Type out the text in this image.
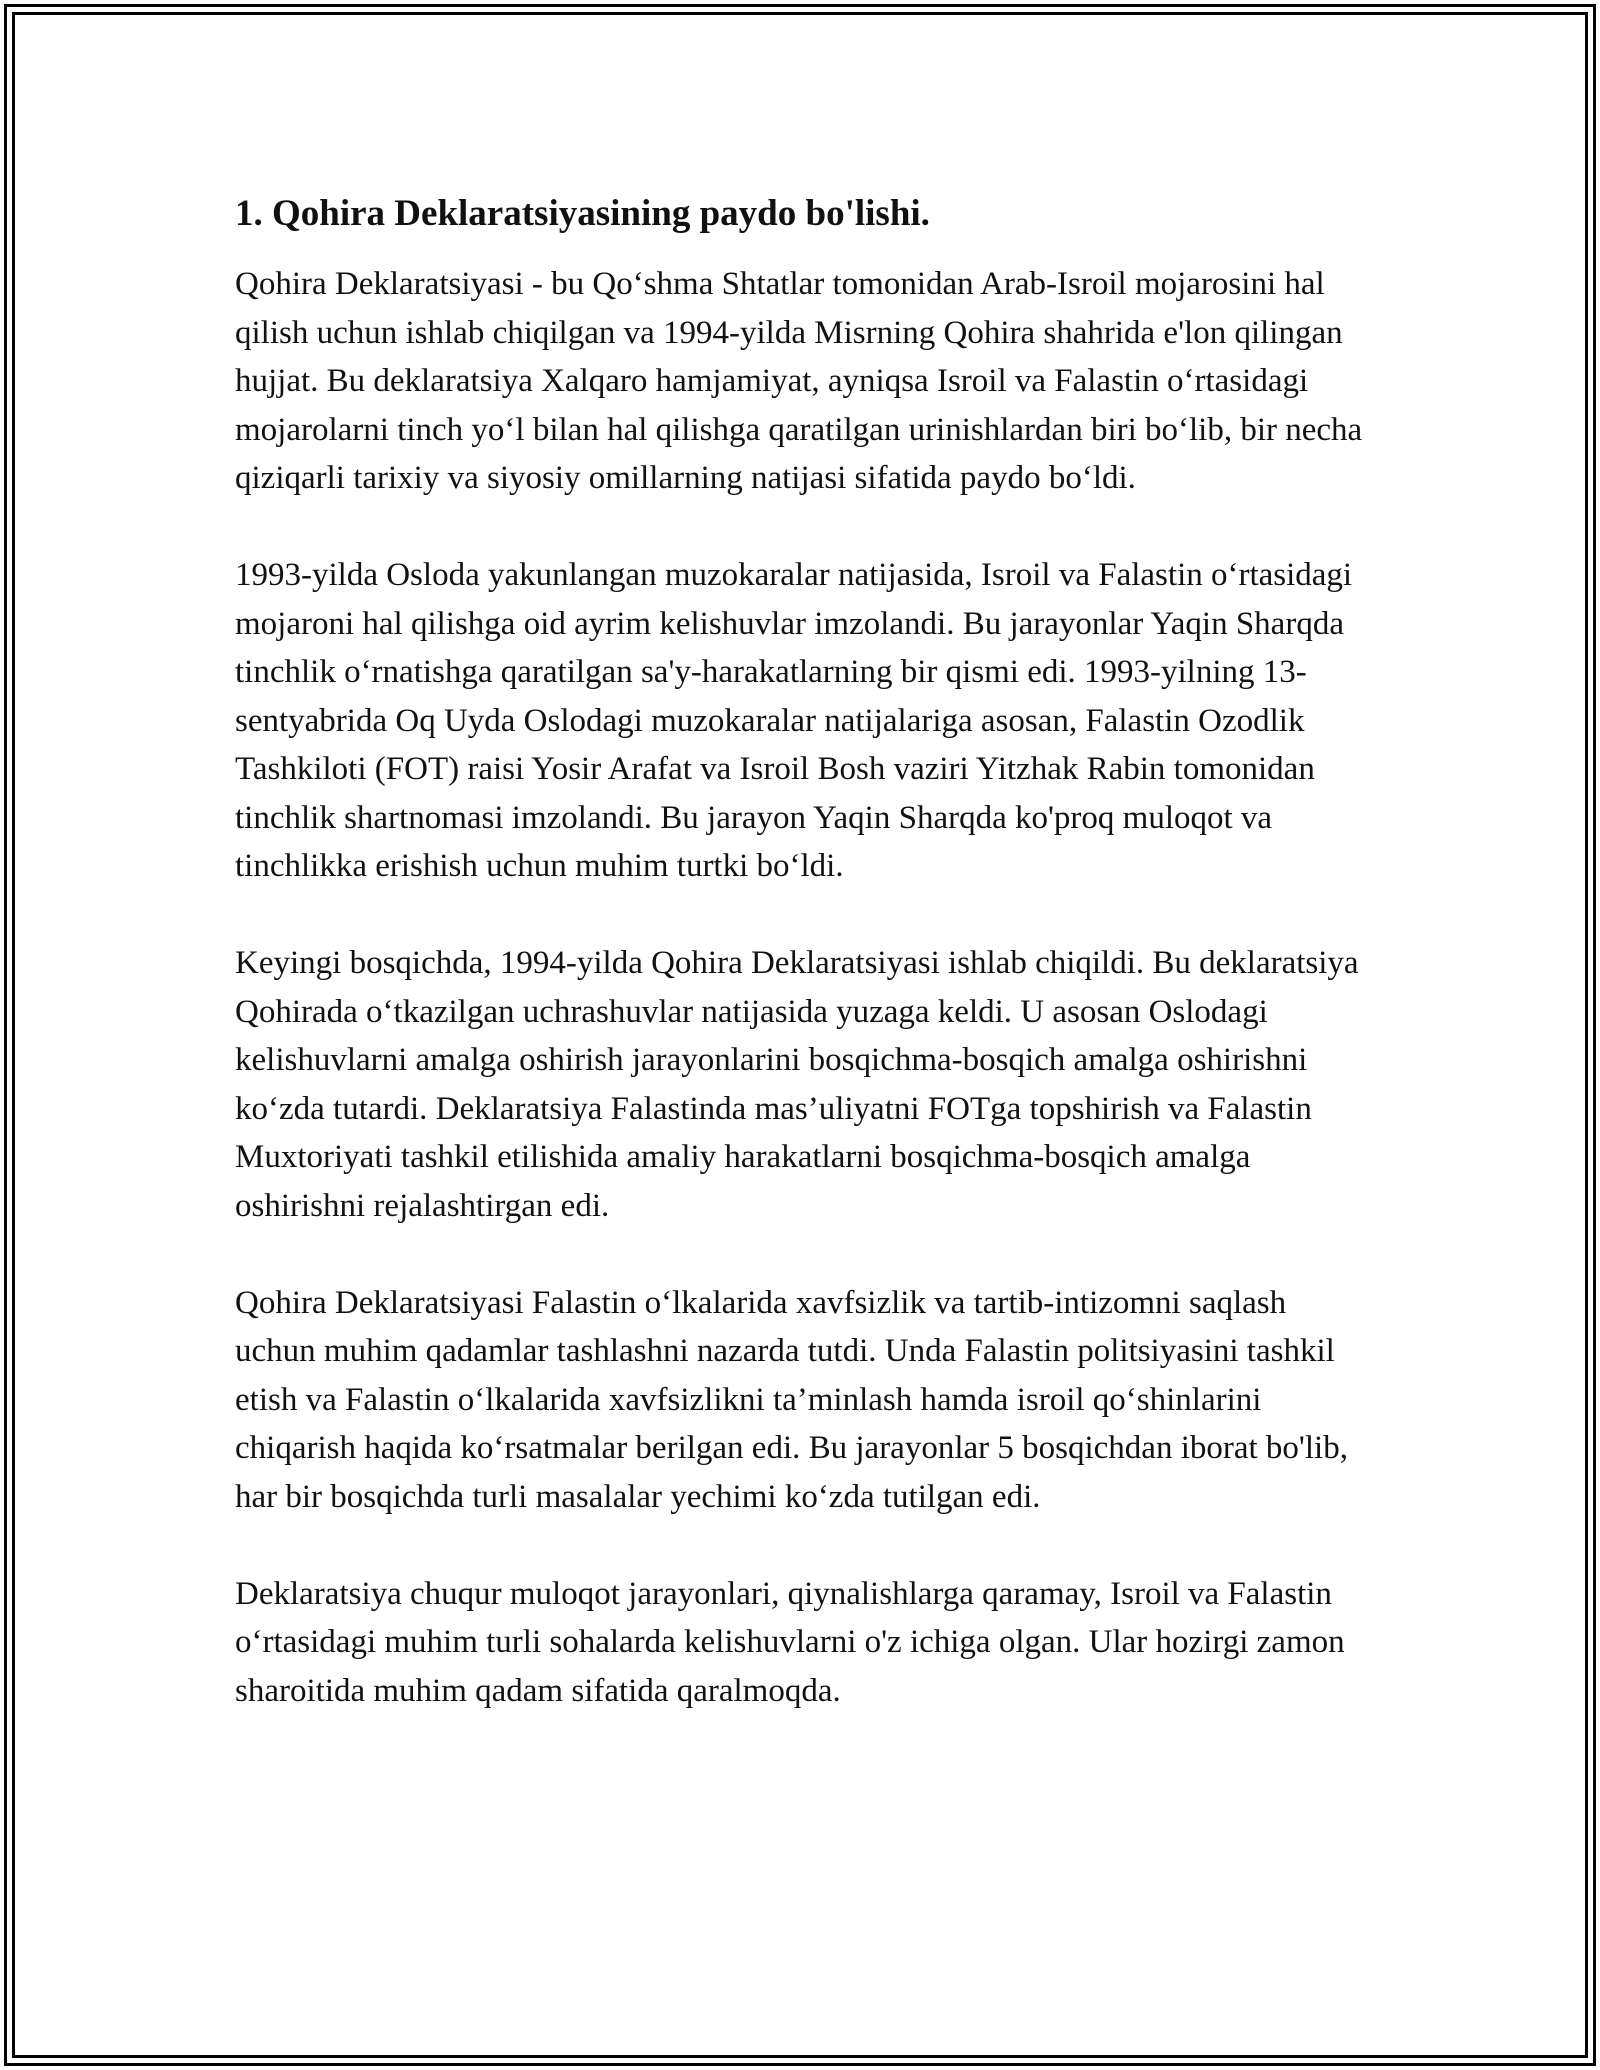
1. Qohira Deklaratsiyasining paydo bo'lishi.

Qohira Deklaratsiyasi - bu Qo‘shma Shtatlar tomonidan Arab-Isroil mojarosini hal qilish uchun ishlab chiqilgan va 1994-yilda Misrning Qohira shahrida e'lon qilingan hujjat. Bu deklaratsiya Xalqaro hamjamiyat, ayniqsa Isroil va Falastin o‘rtasidagi mojarolarni tinch yo‘l bilan hal qilishga qaratilgan urinishlardan biri bo‘lib, bir necha qiziqarli tarixiy va siyosiy omillarning natijasi sifatida paydo bo‘ldi.

1993-yilda Osloda yakunlangan muzokaralar natijasida, Isroil va Falastin o‘rtasidagi mojaroni hal qilishga oid ayrim kelishuvlar imzolandi. Bu jarayonlar Yaqin Sharqda tinchlik o‘rnatishga qaratilgan sa'y-harakatlarning bir qismi edi. 1993-yilning 13-sentyabrida Oq Uyda Oslodagi muzokaralar natijalariga asosan, Falastin Ozodlik Tashkiloti (FOT) raisi Yosir Arafat va Isroil Bosh vaziri Yitzhak Rabin tomonidan tinchlik shartnomasi imzolandi. Bu jarayon Yaqin Sharqda ko'proq muloqot va tinchlikka erishish uchun muhim turtki bo‘ldi.

Keyingi bosqichda, 1994-yilda Qohira Deklaratsiyasi ishlab chiqildi. Bu deklaratsiya Qohirada o‘tkazilgan uchrashuvlar natijasida yuzaga keldi. U asosan Oslodagi kelishuvlarni amalga oshirish jarayonlarini bosqichma-bosqich amalga oshirishni ko‘zda tutardi. Deklaratsiya Falastinda mas’uliyatni FOTga topshirish va Falastin Muxtoriyati tashkil etilishida amaliy harakatlarni bosqichma-bosqich amalga oshirishni rejalashtirgan edi.

Qohira Deklaratsiyasi Falastin o‘lkalarida xavfsizlik va tartib-intizomni saqlash uchun muhim qadamlar tashlashni nazarda tutdi. Unda Falastin politsiyasini tashkil etish va Falastin o‘lkalarida xavfsizlikni ta’minlash hamda isroil qo‘shinlarini chiqarish haqida ko‘rsatmalar berilgan edi. Bu jarayonlar 5 bosqichdan iborat bo'lib, har bir bosqichda turli masalalar yechimi ko‘zda tutilgan edi.

Deklaratsiya chuqur muloqot jarayonlari, qiynalishlarga qaramay, Isroil va Falastin o‘rtasidagi muhim turli sohalarda kelishuvlarni o'z ichiga olgan. Ular hozirgi zamon sharoitida muhim qadam sifatida qaralmoqda.
